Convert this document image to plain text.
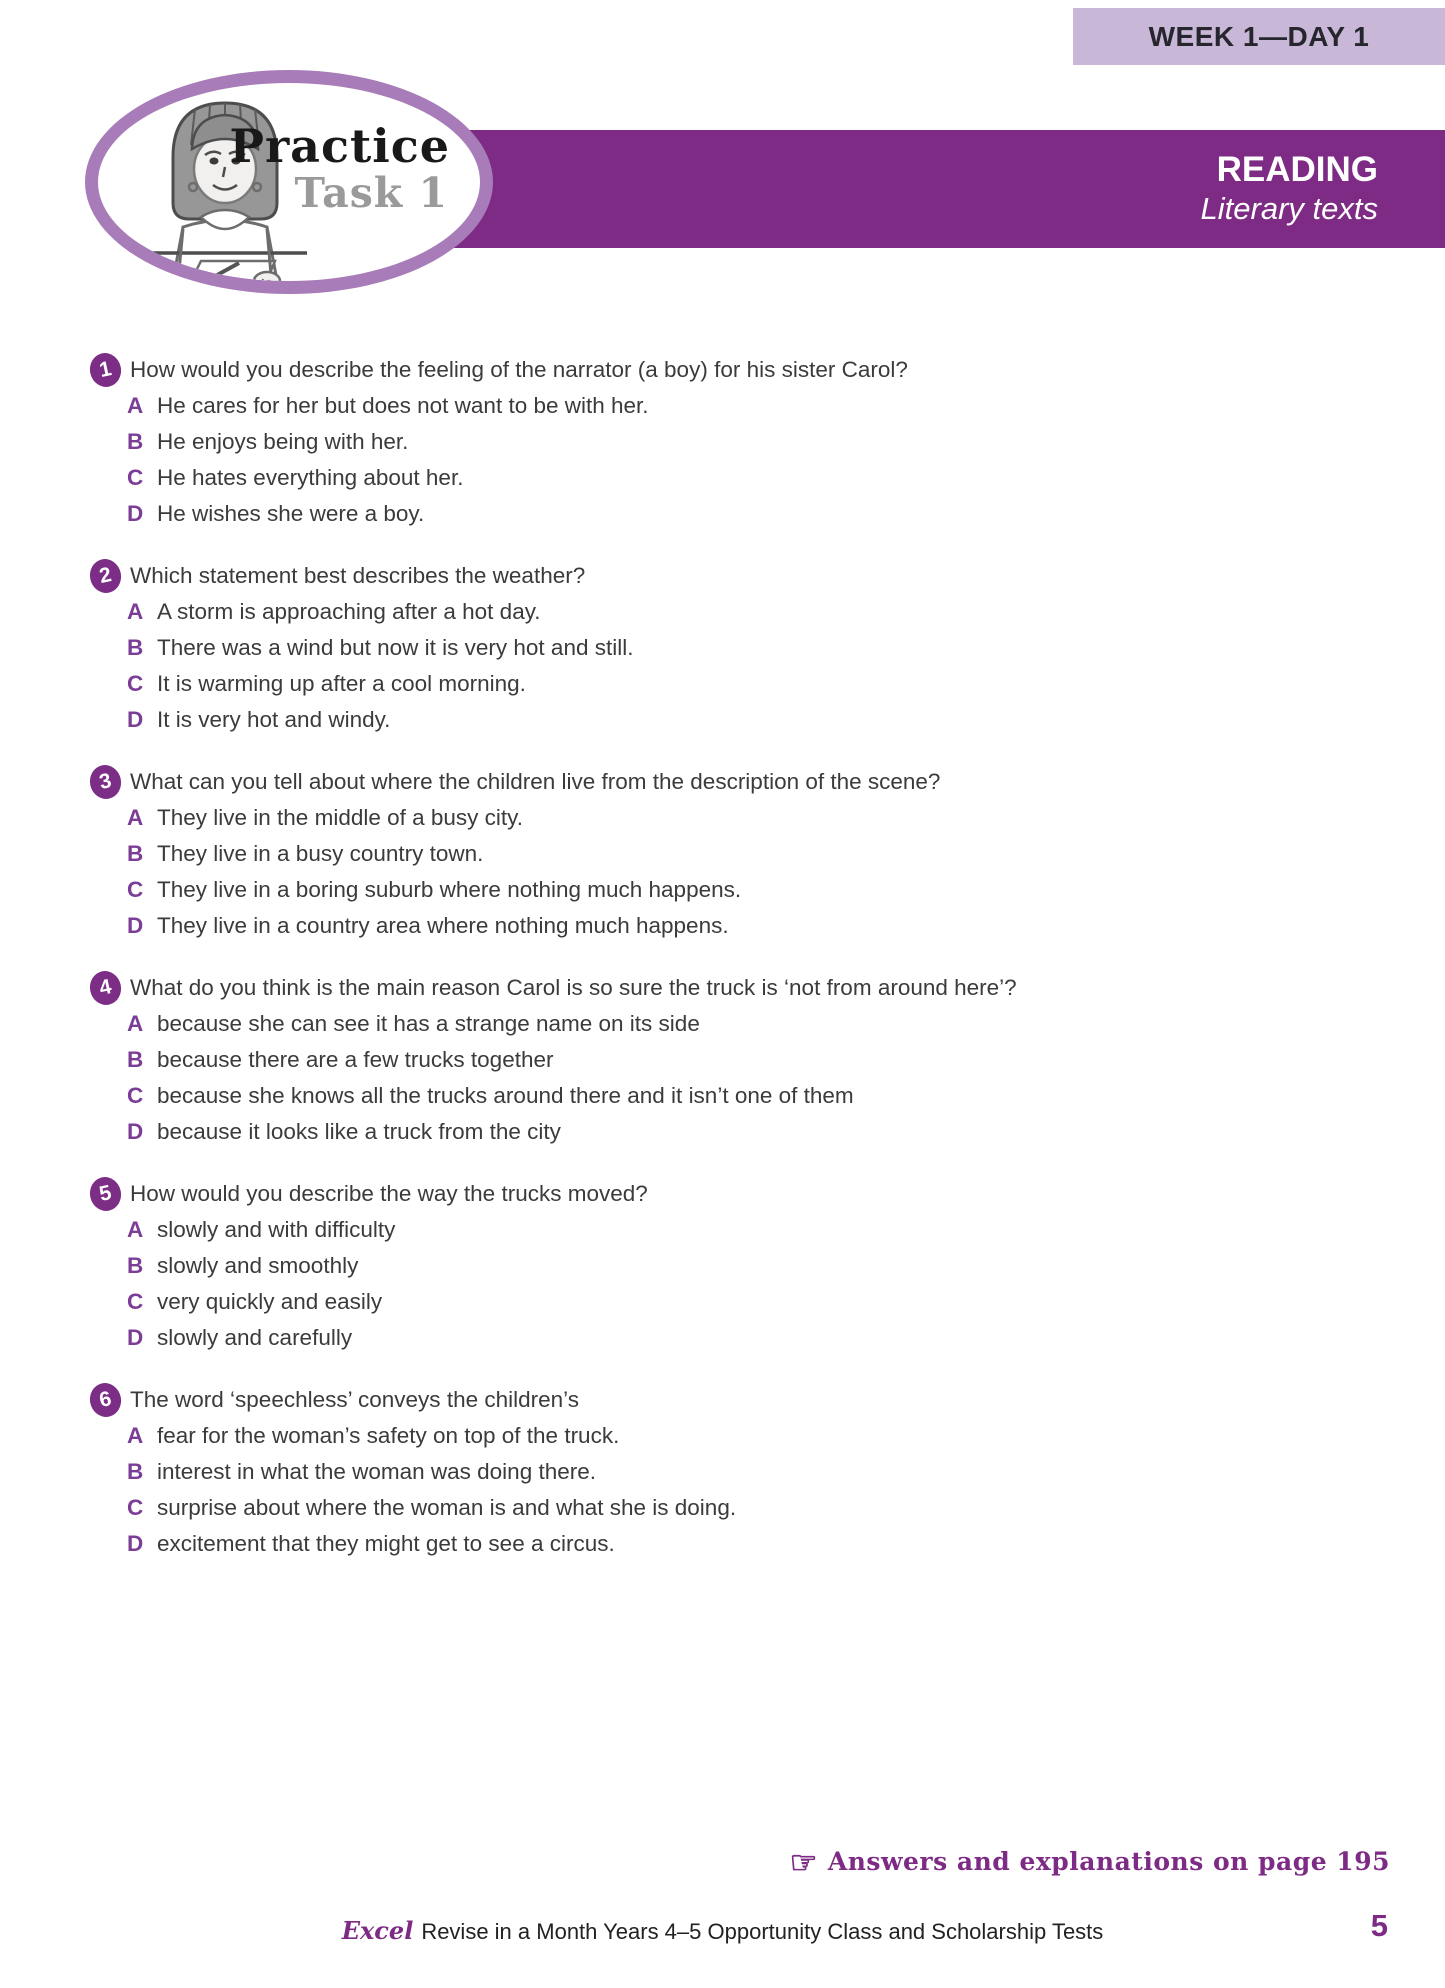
WEEK 1—DAY 1
READING
Literary texts
Practice
Task 1
1 How would you describe the feeling of the narrator (a boy) for his sister Carol?
A He cares for her but does not want to be with her.
B He enjoys being with her.
C He hates everything about her.
D He wishes she were a boy.
2 Which statement best describes the weather?
A A storm is approaching after a hot day.
B There was a wind but now it is very hot and still.
C It is warming up after a cool morning.
D It is very hot and windy.
3 What can you tell about where the children live from the description of the scene?
A They live in the middle of a busy city.
B They live in a busy country town.
C They live in a boring suburb where nothing much happens.
D They live in a country area where nothing much happens.
4 What do you think is the main reason Carol is so sure the truck is ‘not from around here’?
A because she can see it has a strange name on its side
B because there are a few trucks together
C because she knows all the trucks around there and it isn’t one of them
D because it looks like a truck from the city
5 How would you describe the way the trucks moved?
A slowly and with difficulty
B slowly and smoothly
C very quickly and easily
D slowly and carefully
6 The word ‘speechless’ conveys the children’s
A fear for the woman’s safety on top of the truck.
B interest in what the woman was doing there.
C surprise about where the woman is and what she is doing.
D excitement that they might get to see a circus.
☞ Answers and explanations on page 195
Excel Revise in a Month Years 4–5 Opportunity Class and Scholarship Tests	5
